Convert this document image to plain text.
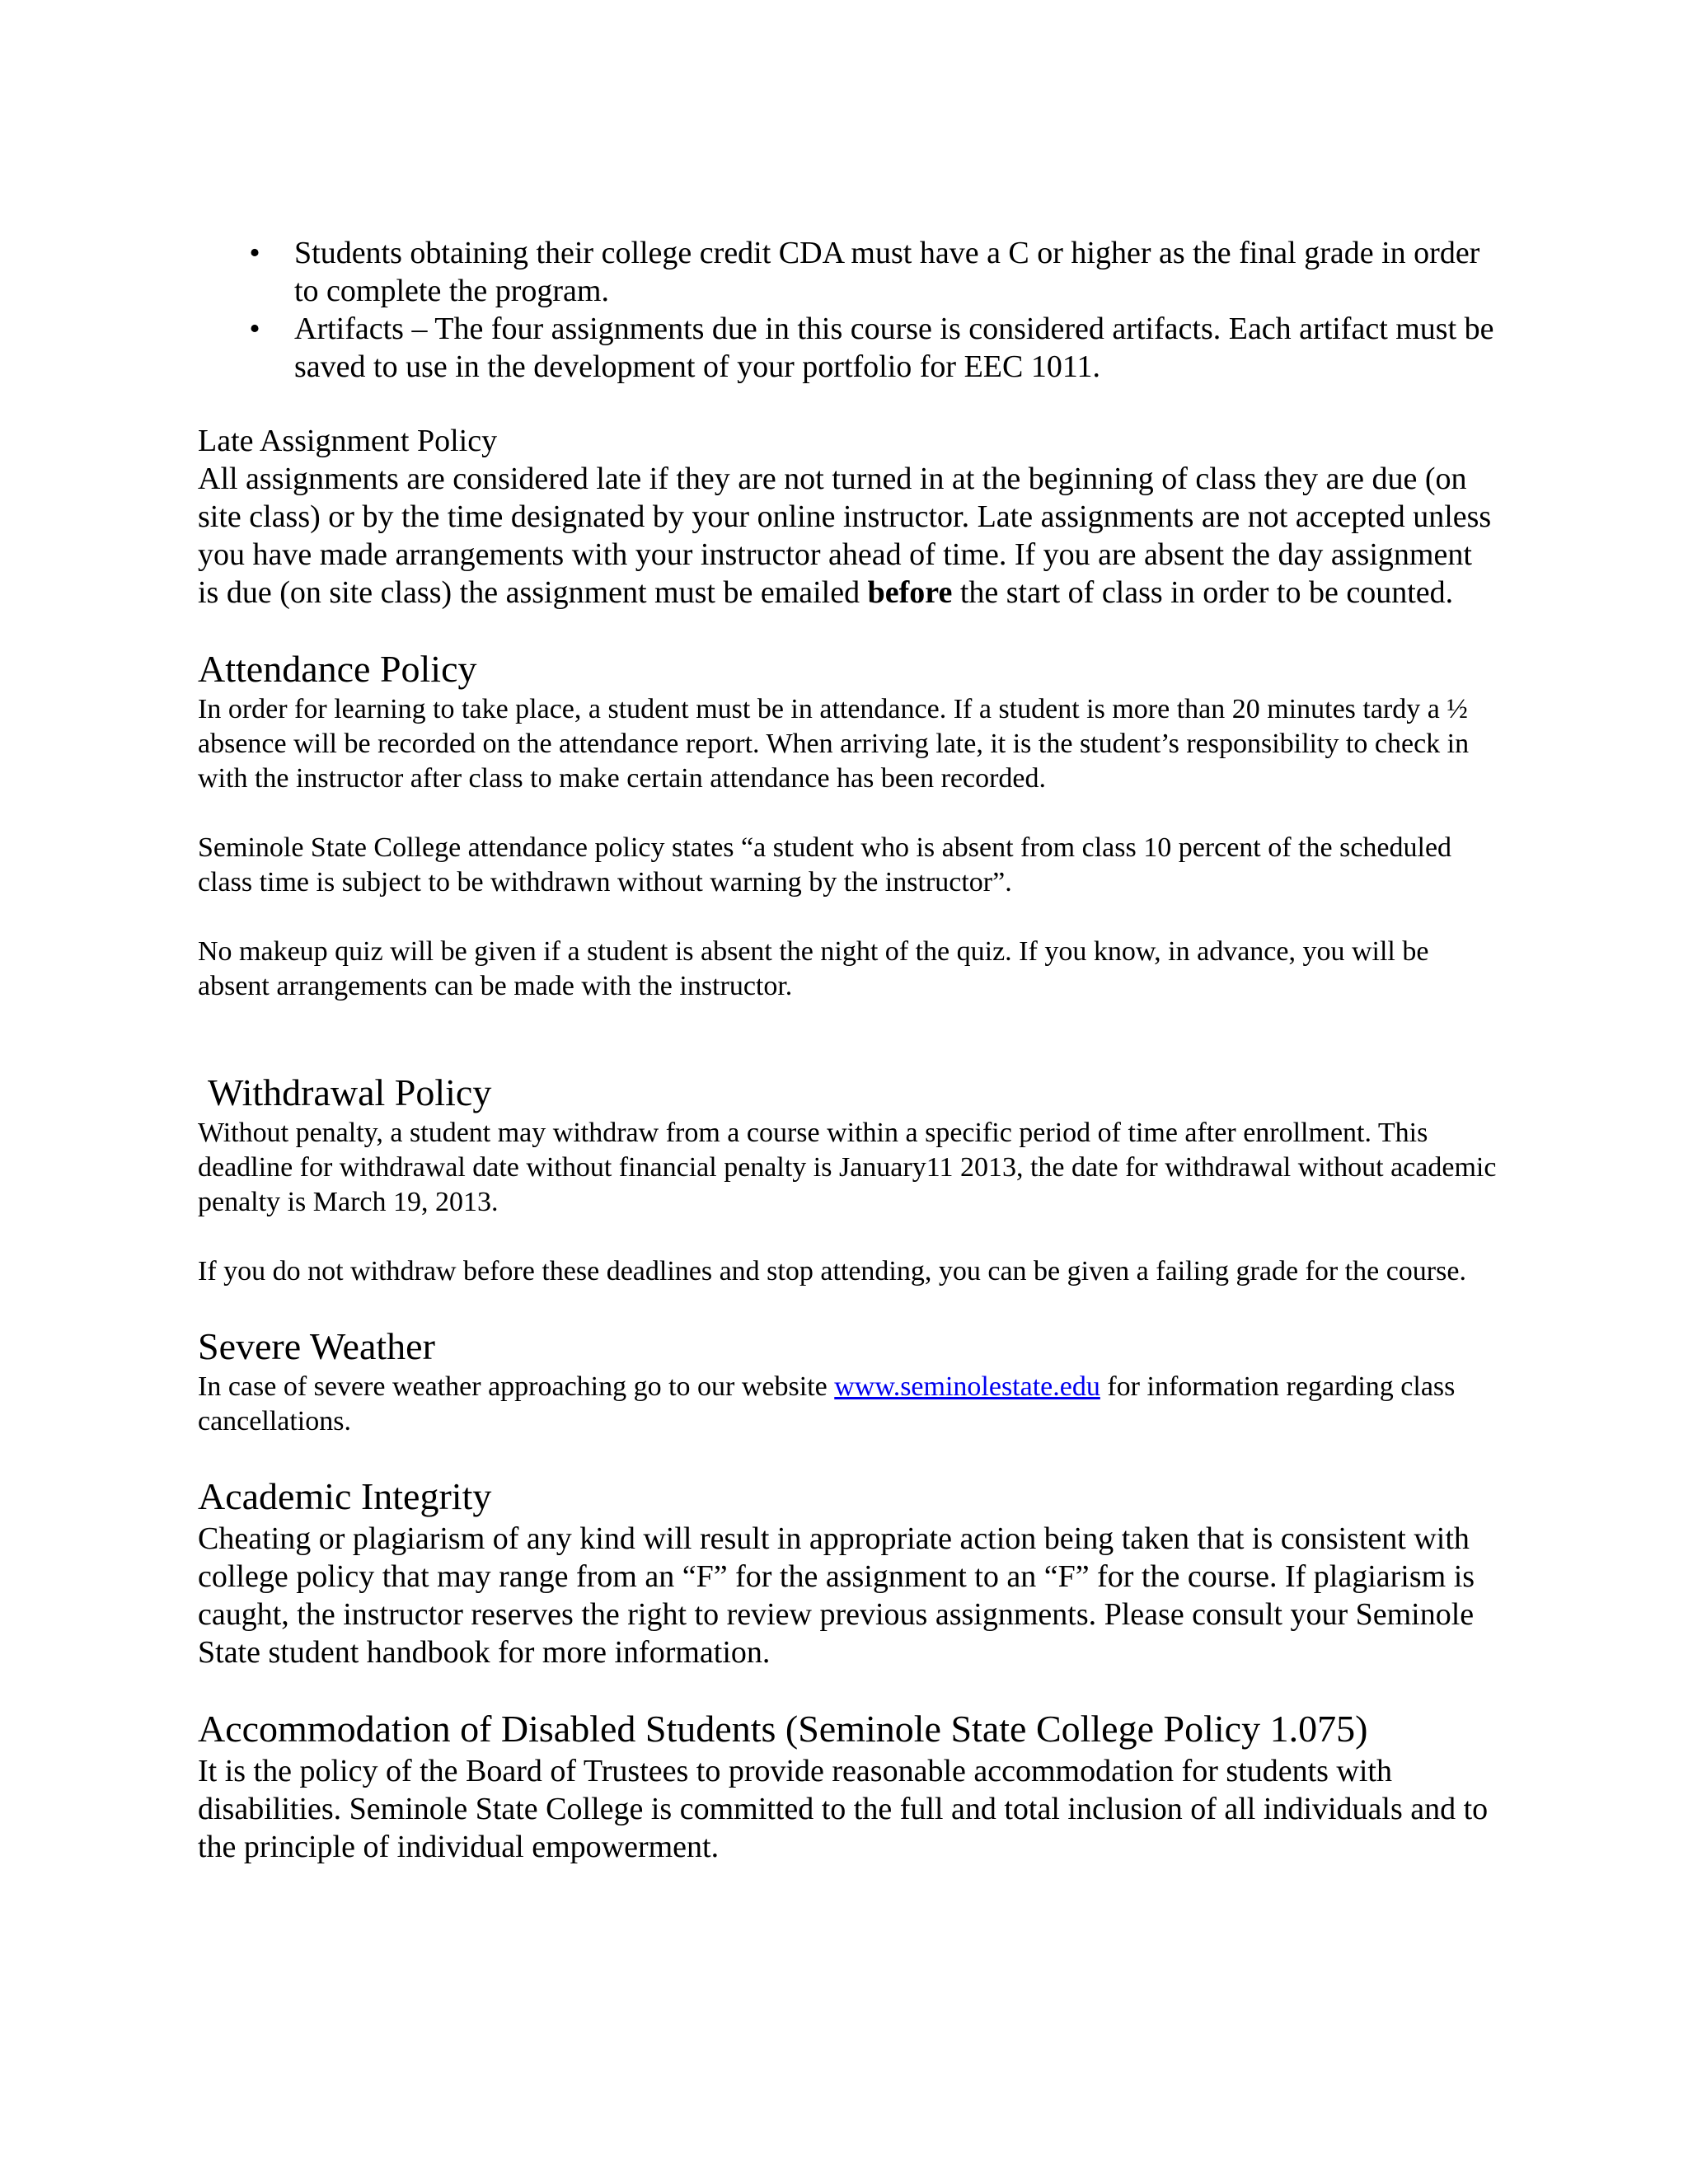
• Students obtaining their college credit CDA must have a C or higher as the final grade in order to complete the program.
• Artifacts – The four assignments due in this course is considered artifacts. Each artifact must be saved to use in the development of your portfolio for EEC 1011.
Late Assignment Policy

All assignments are considered late if they are not turned in at the beginning of class they are due (on site class) or by the time designated by your online instructor. Late assignments are not accepted unless you have made arrangements with your instructor ahead of time. If you are absent the day assignment is due (on site class) the assignment must be emailed before the start of class in order to be counted.

Attendance Policy

In order for learning to take place, a student must be in attendance. If a student is more than 20 minutes tardy a ½ absence will be recorded on the attendance report. When arriving late, it is the student’s responsibility to check in with the instructor after class to make certain attendance has been recorded.

Seminole State College attendance policy states “a student who is absent from class 10 percent of the scheduled class time is subject to be withdrawn without warning by the instructor”.

No makeup quiz will be given if a student is absent the night of the quiz. If you know, in advance, you will be absent arrangements can be made with the instructor.

Withdrawal Policy

Without penalty, a student may withdraw from a course within a specific period of time after enrollment. This deadline for withdrawal date without financial penalty is January11 2013, the date for withdrawal without academic penalty is March 19, 2013.

If you do not withdraw before these deadlines and stop attending, you can be given a failing grade for the course.

Severe Weather

In case of severe weather approaching go to our website www.seminolestate.edu for information regarding class cancellations.

Academic Integrity

Cheating or plagiarism of any kind will result in appropriate action being taken that is consistent with college policy that may range from an “F” for the assignment to an “F” for the course. If plagiarism is caught, the instructor reserves the right to review previous assignments. Please consult your Seminole State student handbook for more information.

Accommodation of Disabled Students (Seminole State College Policy 1.075)

It is the policy of the Board of Trustees to provide reasonable accommodation for students with disabilities. Seminole State College is committed to the full and total inclusion of all individuals and to the principle of individual empowerment.
